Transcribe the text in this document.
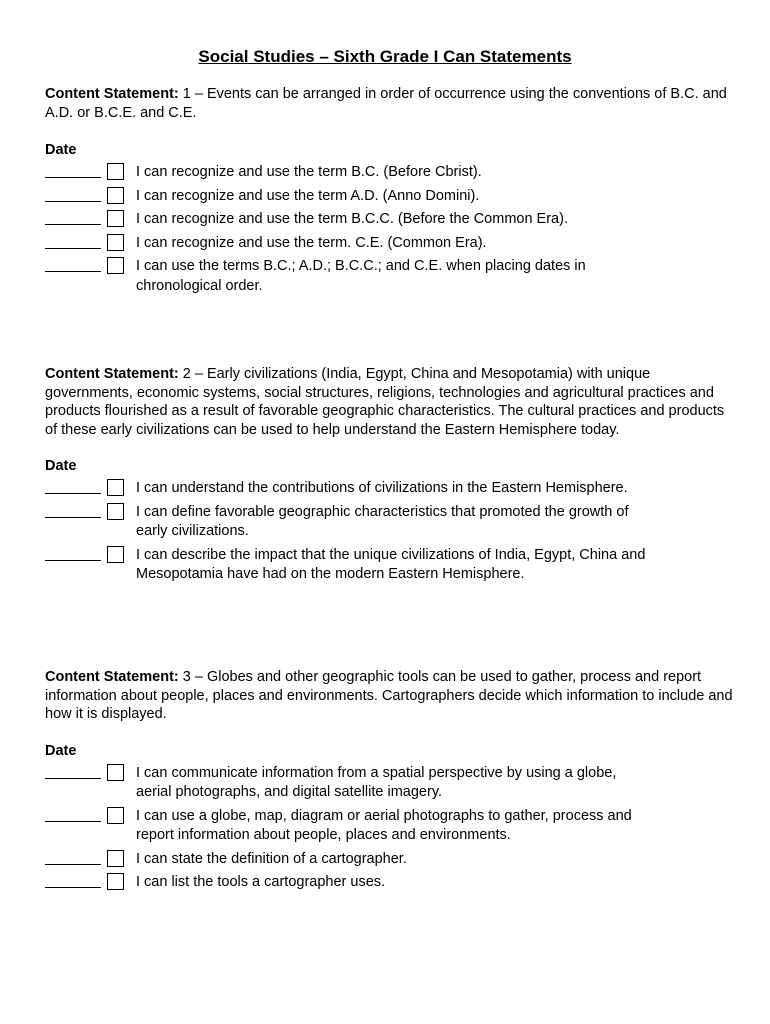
Social Studies – Sixth Grade I Can Statements

Content Statement: 1 – Events can be arranged in order of occurrence using the conventions of B.C. and A.D. or B.C.E. and C.E.

Date
I can recognize and use the term B.C. (Before Cbrist).
I can recognize and use the term A.D. (Anno Domini).
I can recognize and use the term B.C.C. (Before the Common Era).
I can recognize and use the term. C.E. (Common Era).
I can use the terms B.C.; A.D.; B.C.C.; and C.E. when placing dates in chronological order.

Content Statement: 2 – Early civilizations (India, Egypt, China and Mesopotamia) with unique governments, economic systems, social structures, religions, technologies and agricultural practices and products flourished as a result of favorable geographic characteristics. The cultural practices and products of these early civilizations can be used to help understand the Eastern Hemisphere today.

Date
I can understand the contributions of civilizations in the Eastern Hemisphere.
I can define favorable geographic characteristics that promoted the growth of early civilizations.
I can describe the impact that the unique civilizations of India, Egypt, China and Mesopotamia have had on the modern Eastern Hemisphere.

Content Statement: 3 – Globes and other geographic tools can be used to gather, process and report information about people, places and environments. Cartographers decide which information to include and how it is displayed.

Date
I can communicate information from a spatial perspective by using a globe, aerial photographs, and digital satellite imagery.
I can use a globe, map, diagram or aerial photographs to gather, process and report information about people, places and environments.
I can state the definition of a cartographer.
I can list the tools a cartographer uses.
